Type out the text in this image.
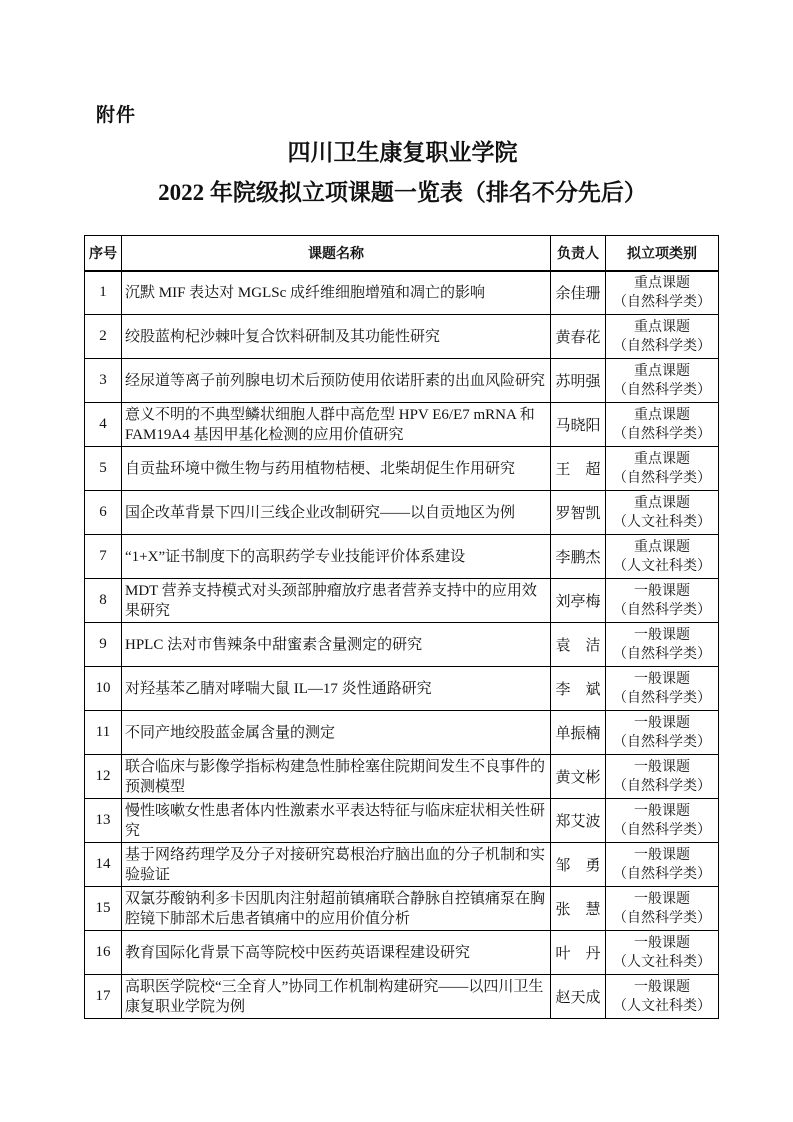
附件
四川卫生康复职业学院
2022 年院级拟立项课题一览表（排名不分先后）
序号	课题名称	负责人	拟立项类别
1	沉默 MIF 表达对 MGLSc 成纤维细胞增殖和凋亡的影响	余佳珊	重点课题
（自然科学类）

2	绞股蓝枸杞沙棘叶复合饮料研制及其功能性研究	黄春花	重点课题
（自然科学类）

3	经尿道等离子前列腺电切术后预防使用依诺肝素的出血风险研究	苏明强	重点课题
（自然科学类）

4	意义不明的不典型鳞状细胞人群中高危型 HPV E6/E7 mRNA 和 FAM19A4 基因甲基化检测的应用价值研究	马晓阳	重点课题
（自然科学类）

5	自贡盐环境中微生物与药用植物桔梗、北柴胡促生作用研究	王　超	重点课题
（自然科学类）

6	国企改革背景下四川三线企业改制研究——以自贡地区为例	罗智凯	重点课题
（人文社科类）

7	“1+X”证书制度下的高职药学专业技能评价体系建设	李鹏杰	重点课题
（人文社科类）

8	MDT 营养支持模式对头颈部肿瘤放疗患者营养支持中的应用效果研究	刘亭梅	一般课题
（自然科学类）

9	HPLC 法对市售辣条中甜蜜素含量测定的研究	袁　洁	一般课题
（自然科学类）

10	对羟基苯乙腈对哮喘大鼠 IL—17 炎性通路研究	李　斌	一般课题
（自然科学类）

11	不同产地绞股蓝金属含量的测定	单振楠	一般课题
（自然科学类）

12	联合临床与影像学指标构建急性肺栓塞住院期间发生不良事件的预测模型	黄文彬	一般课题
（自然科学类）

13	慢性咳嗽女性患者体内性激素水平表达特征与临床症状相关性研究	郑艾波	一般课题
（自然科学类）

14	基于网络药理学及分子对接研究葛根治疗脑出血的分子机制和实验验证	邹　勇	一般课题
（自然科学类）

15	双氯芬酸钠利多卡因肌肉注射超前镇痛联合静脉自控镇痛泵在胸腔镜下肺部术后患者镇痛中的应用价值分析	张　慧	一般课题
（自然科学类）

16	教育国际化背景下高等院校中医药英语课程建设研究	叶　丹	一般课题
（人文社科类）

17	高职医学院校“三全育人”协同工作机制构建研究——以四川卫生康复职业学院为例	赵天成	一般课题
（人文社科类）
